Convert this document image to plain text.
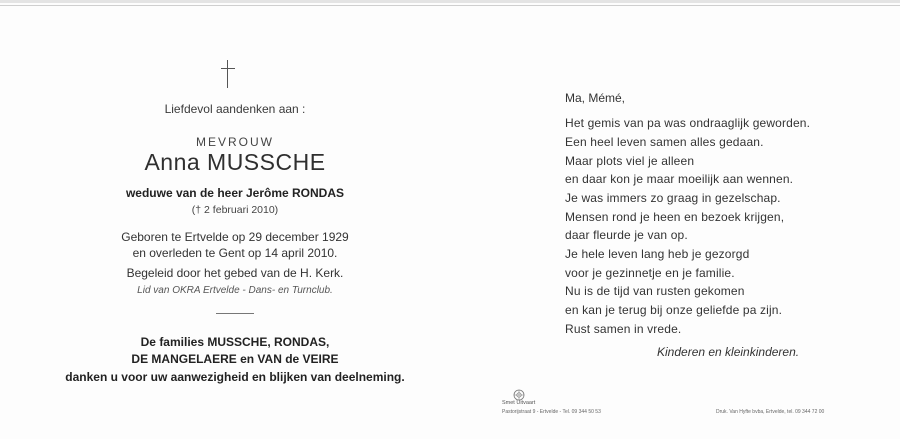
Liefdevol aandenken aan :
MEVROUW
Anna MUSSCHE
weduwe van de heer Jerôme RONDAS
(† 2 februari 2010)
Geboren te Ertvelde op 29 december 1929
en overleden te Gent op 14 april 2010.
Begeleid door het gebed van de H. Kerk.
Lid van OKRA Ertvelde - Dans- en Turnclub.
De families MUSSCHE, RONDAS,
DE MANGELAERE en VAN de VEIRE
danken u voor uw aanwezigheid en blijken van deelneming.
Ma, Mémé,
Het gemis van pa was ondraaglijk geworden.
Een heel leven samen alles gedaan.
Maar plots viel je alleen
en daar kon je maar moeilijk aan wennen.
Je was immers zo graag in gezelschap.
Mensen rond je heen en bezoek krijgen,
daar fleurde je van op.
Je hele leven lang heb je gezorgd
voor je gezinnetje en je familie.
Nu is de tijd van rusten gekomen
en kan je terug bij onze geliefde pa zijn.
Rust samen in vrede.
Kinderen en kleinkinderen.
Smet Uitvaart
Pastorijstraat 9 - Ertvelde - Tel. 09 344 50 53	Druk. Van Hyfte bvba, Ertvelde, tel. 09 344 72 00
